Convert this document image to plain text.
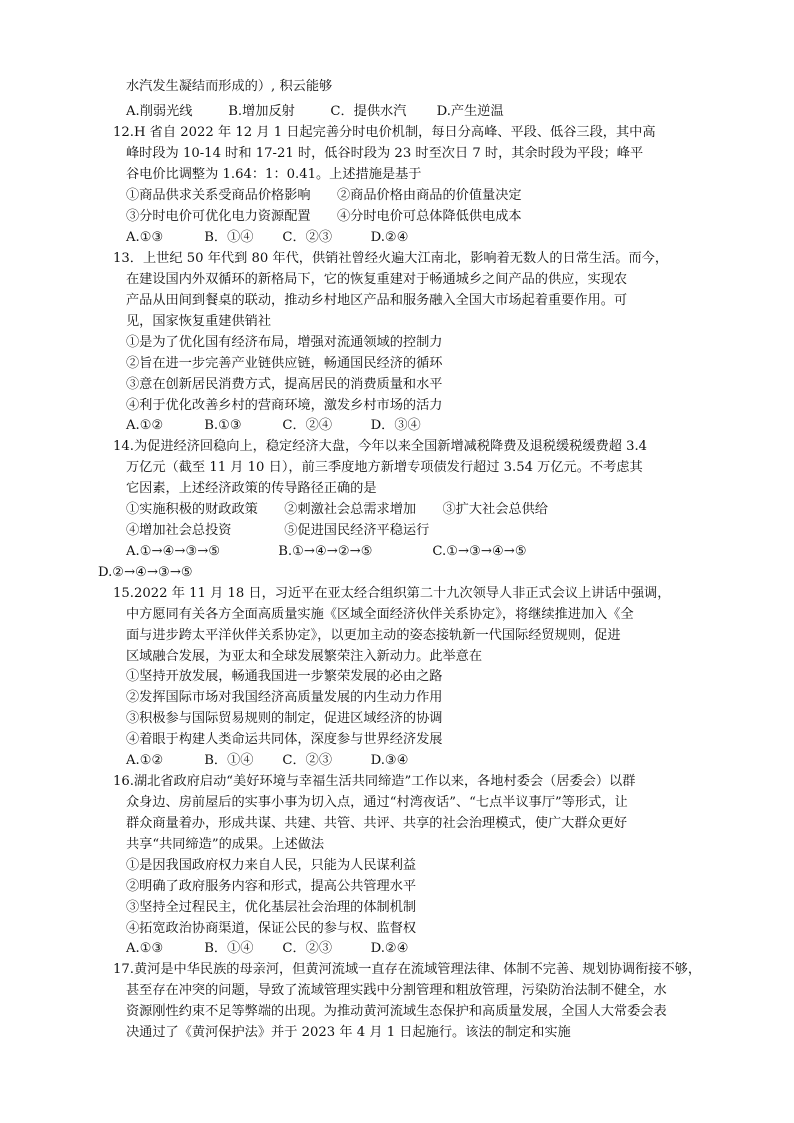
水汽发生凝结而形成的）, 积云能够
A.削弱光线	B.增加反射	C．提供水汽 D.产生逆温
12.H 省自 2022 年 12 月 1 日起完善分时电价机制，每日分高峰、平段、低谷三段，其中高
峰时段为 10-14 时和 17-21 时，低谷时段为 23 时至次日 7 时，其余时段为平段；峰平
谷电价比调整为 1.64：1：0.41。上述措施是基于
①商品供求关系受商品价格影响　　②商品价格由商品的价值量决定
③分时电价可优化电力资源配置　　④分时电价可总体降低供电成本
A.①③	B．①④ C．②③	D.②④
13．上世纪 50 年代到 80 年代，供销社曾经火遍大江南北，影响着无数人的日常生活。而今，
在建设国内外双循环的新格局下，它的恢复重建对于畅通城乡之间产品的供应，实现农
产品从田间到餐桌的联动，推动乡村地区产品和服务融入全国大市场起着重要作用。可
见，国家恢复重建供销社
①是为了优化国有经济布局，增强对流通领域的控制力
②旨在进一步完善产业链供应链，畅通国民经济的循环
③意在创新居民消费方式，提高居民的消费质量和水平
④利于优化改善乡村的营商环境，激发乡村市场的活力
A.①②	B.①③	C．②④	D．③④
14.为促进经济回稳向上，稳定经济大盘，今年以来全国新增减税降费及退税缓税缓费超 3.4
万亿元（截至 11 月 10 日），前三季度地方新增专项债发行超过 3.54 万亿元。不考虑其
它因素，上述经济政策的传导路径正确的是
①实施积极的财政政策　　②刺激社会总需求增加　　③扩大社会总供给
④增加社会总投资　　　　⑤促进国民经济平稳运行
A.①→④→③→⑤	B.①→④→②→⑤	C.①→③→④→⑤
D.②→④→③→⑤
15.2022 年 11 月 18 日，习近平在亚太经合组织第二十九次领导人非正式会议上讲话中强调，
中方愿同有关各方全面高质量实施《区域全面经济伙伴关系协定》，将继续推进加入《全
面与进步跨太平洋伙伴关系协定》，以更加主动的姿态接轨新一代国际经贸规则，促进
区域融合发展，为亚太和全球发展繁荣注入新动力。此举意在
①坚持开放发展，畅通我国进一步繁荣发展的必由之路
②发挥国际市场对我国经济高质量发展的内生动力作用
③积极参与国际贸易规则的制定，促进区域经济的协调
④着眼于构建人类命运共同体，深度参与世界经济发展
A.①②	B．①④ C．②③	D.③④
16.湖北省政府启动“美好环境与幸福生活共同缔造”工作以来，各地村委会（居委会）以群
众身边、房前屋后的实事小事为切入点，通过“村湾夜话”、“七点半议事厅”等形式，让
群众商量着办，形成共谋、共建、共管、共评、共享的社会治理模式，使广大群众更好
共享“共同缔造”的成果。上述做法
①是因我国政府权力来自人民，只能为人民谋利益
②明确了政府服务内容和形式，提高公共管理水平
③坚持全过程民主，优化基层社会治理的体制机制
④拓宽政治协商渠道，保证公民的参与权、监督权
A.①③	B．①④ C．②③	D.②④
17.黄河是中华民族的母亲河，但黄河流域一直存在流域管理法律、体制不完善、规划协调衔接不够，
甚至存在冲突的问题，导致了流域管理实践中分割管理和粗放管理，污染防治法制不健全，水
资源刚性约束不足等弊端的出现。为推动黄河流域生态保护和高质量发展，全国人大常委会表
决通过了《黄河保护法》并于 2023 年 4 月 1 日起施行。该法的制定和实施
